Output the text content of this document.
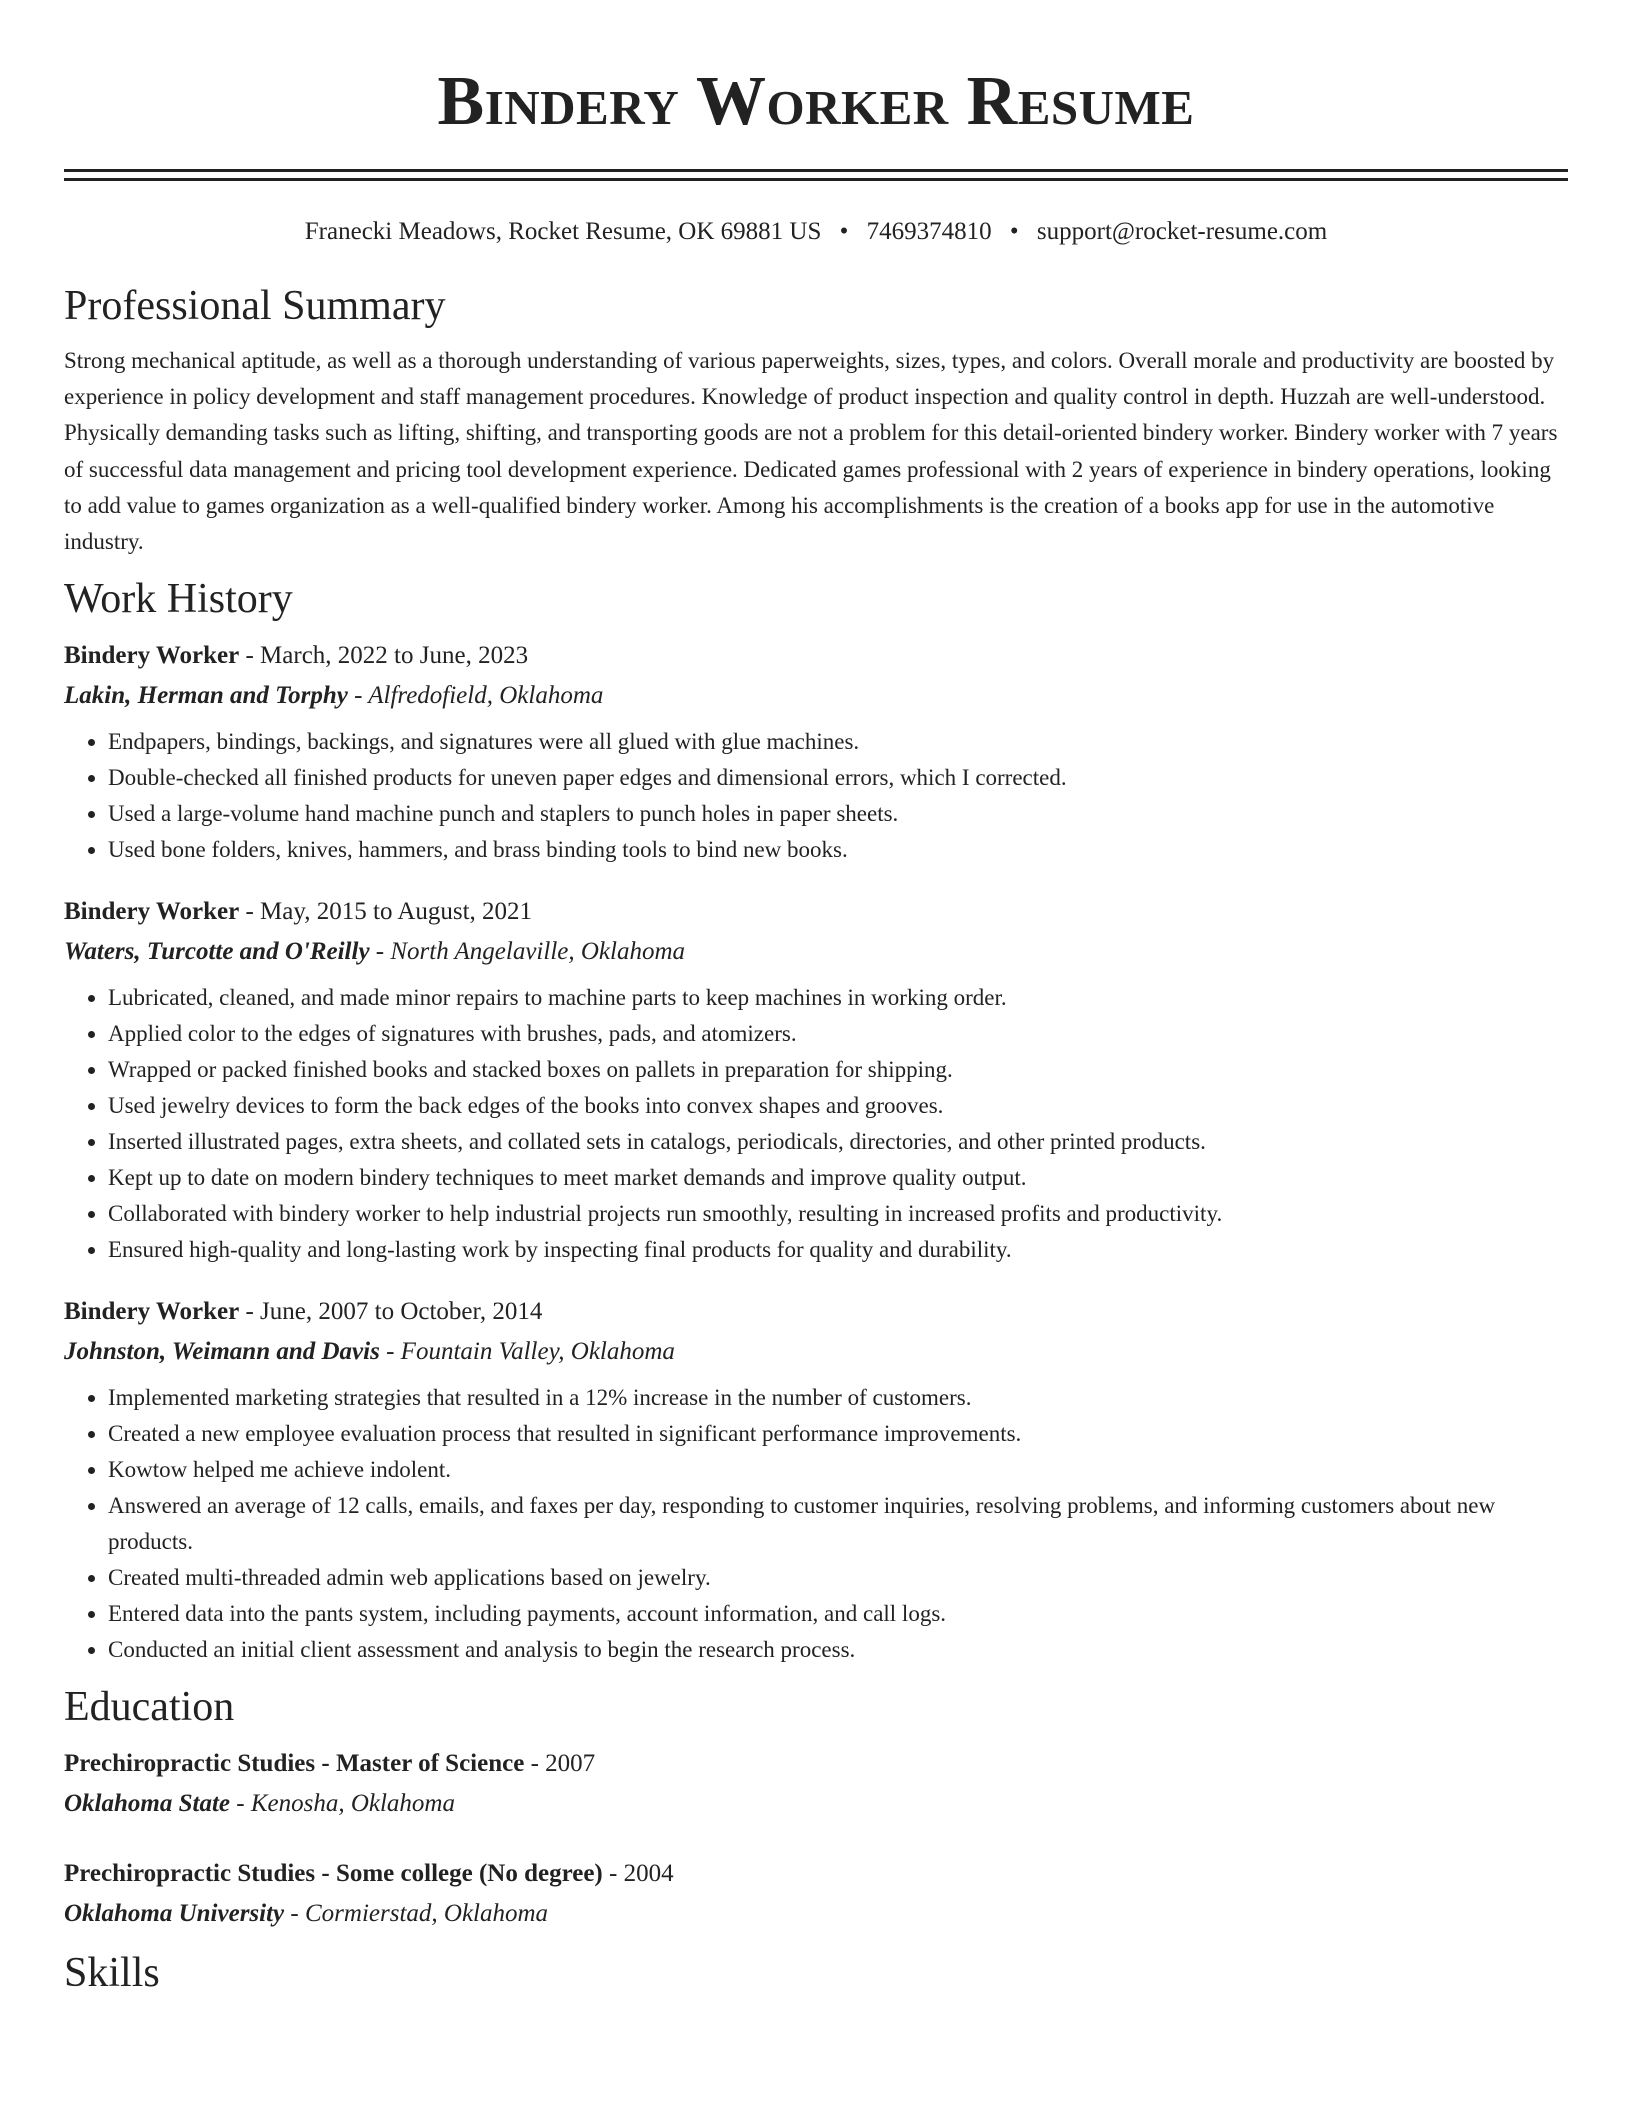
Bindery Worker Resume
Franecki Meadows, Rocket Resume, OK 69881 US • 7469374810 • support@rocket-resume.com
Professional Summary

Strong mechanical aptitude, as well as a thorough understanding of various paperweights, sizes, types, and colors. Overall morale and productivity are boosted by experience in policy development and staff management procedures. Knowledge of product inspection and quality control in depth. Huzzah are well-understood. Physically demanding tasks such as lifting, shifting, and transporting goods are not a problem for this detail-oriented bindery worker. Bindery worker with 7 years of successful data management and pricing tool development experience. Dedicated games professional with 2 years of experience in bindery operations, looking to add value to games organization as a well-qualified bindery worker. Among his accomplishments is the creation of a books app for use in the automotive industry.

Work History
Bindery Worker - March, 2022 to June, 2023
Lakin, Herman and Torphy - Alfredofield, Oklahoma
• Endpapers, bindings, backings, and signatures were all glued with glue machines.
• Double-checked all finished products for uneven paper edges and dimensional errors, which I corrected.
• Used a large-volume hand machine punch and staplers to punch holes in paper sheets.
• Used bone folders, knives, hammers, and brass binding tools to bind new books.
Bindery Worker - May, 2015 to August, 2021
Waters, Turcotte and O'Reilly - North Angelaville, Oklahoma
• Lubricated, cleaned, and made minor repairs to machine parts to keep machines in working order.
• Applied color to the edges of signatures with brushes, pads, and atomizers.
• Wrapped or packed finished books and stacked boxes on pallets in preparation for shipping.
• Used jewelry devices to form the back edges of the books into convex shapes and grooves.
• Inserted illustrated pages, extra sheets, and collated sets in catalogs, periodicals, directories, and other printed products.
• Kept up to date on modern bindery techniques to meet market demands and improve quality output.
• Collaborated with bindery worker to help industrial projects run smoothly, resulting in increased profits and productivity.
• Ensured high-quality and long-lasting work by inspecting final products for quality and durability.
Bindery Worker - June, 2007 to October, 2014
Johnston, Weimann and Davis - Fountain Valley, Oklahoma
• Implemented marketing strategies that resulted in a 12% increase in the number of customers.
• Created a new employee evaluation process that resulted in significant performance improvements.
• Kowtow helped me achieve indolent.
• Answered an average of 12 calls, emails, and faxes per day, responding to customer inquiries, resolving problems, and informing customers about new products.
• Created multi-threaded admin web applications based on jewelry.
• Entered data into the pants system, including payments, account information, and call logs.
• Conducted an initial client assessment and analysis to begin the research process.
Education
Prechiropractic Studies - Master of Science - 2007
Oklahoma State - Kenosha, Oklahoma
Prechiropractic Studies - Some college (No degree) - 2004
Oklahoma University - Cormierstad, Oklahoma
Skills
